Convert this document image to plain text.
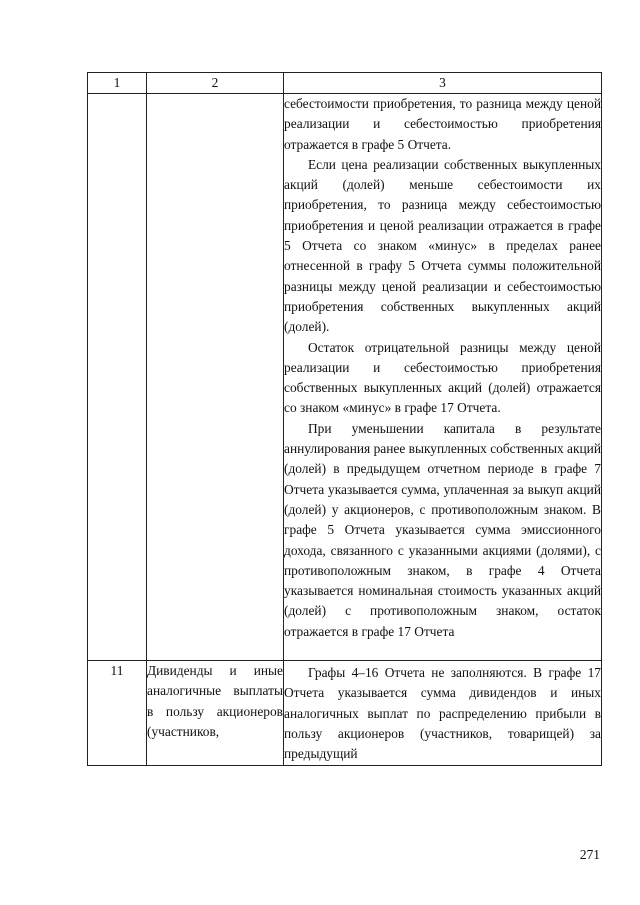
1	2	3

		себестоимости приобретения, то разница между ценой реализации и себестоимостью приобретения отражается в графе 5 Отчета.

Если цена реализации собственных выкупленных акций (долей) меньше себестоимости их приобретения, то разница между себестоимостью приобретения и ценой реализации отражается в графе 5 Отчета со знаком «минус» в пределах ранее отнесенной в графу 5 Отчета суммы положительной разницы между ценой реализации и себестоимостью приобретения собственных выкупленных акций (долей).

Остаток отрицательной разницы между ценой реализации и себестоимостью приобретения собственных выкупленных акций (долей) отражается со знаком «минус» в графе 17 Отчета.

При уменьшении капитала в результате аннулирования ранее выкупленных собственных акций (долей) в предыдущем отчетном периоде в графе 7 Отчета указывается сумма, уплаченная за выкуп акций (долей) у акционеров, с противоположным знаком. В графе 5 Отчета указывается сумма эмиссионного дохода, связанного с указанными акциями (долями), с противоположным знаком, в графе 4 Отчета указывается номинальная стоимость указанных акций (долей) с противоположным знаком, остаток отражается в графе 17 Отчета

11	Дивиденды и иные аналогичные выплаты в пользу акционеров (участников,	Графы 4–16 Отчета не заполняются. В графе 17 Отчета указывается сумма дивидендов и иных аналогичных выплат по распределению прибыли в пользу акционеров (участников, товарищей) за предыдущий

271
